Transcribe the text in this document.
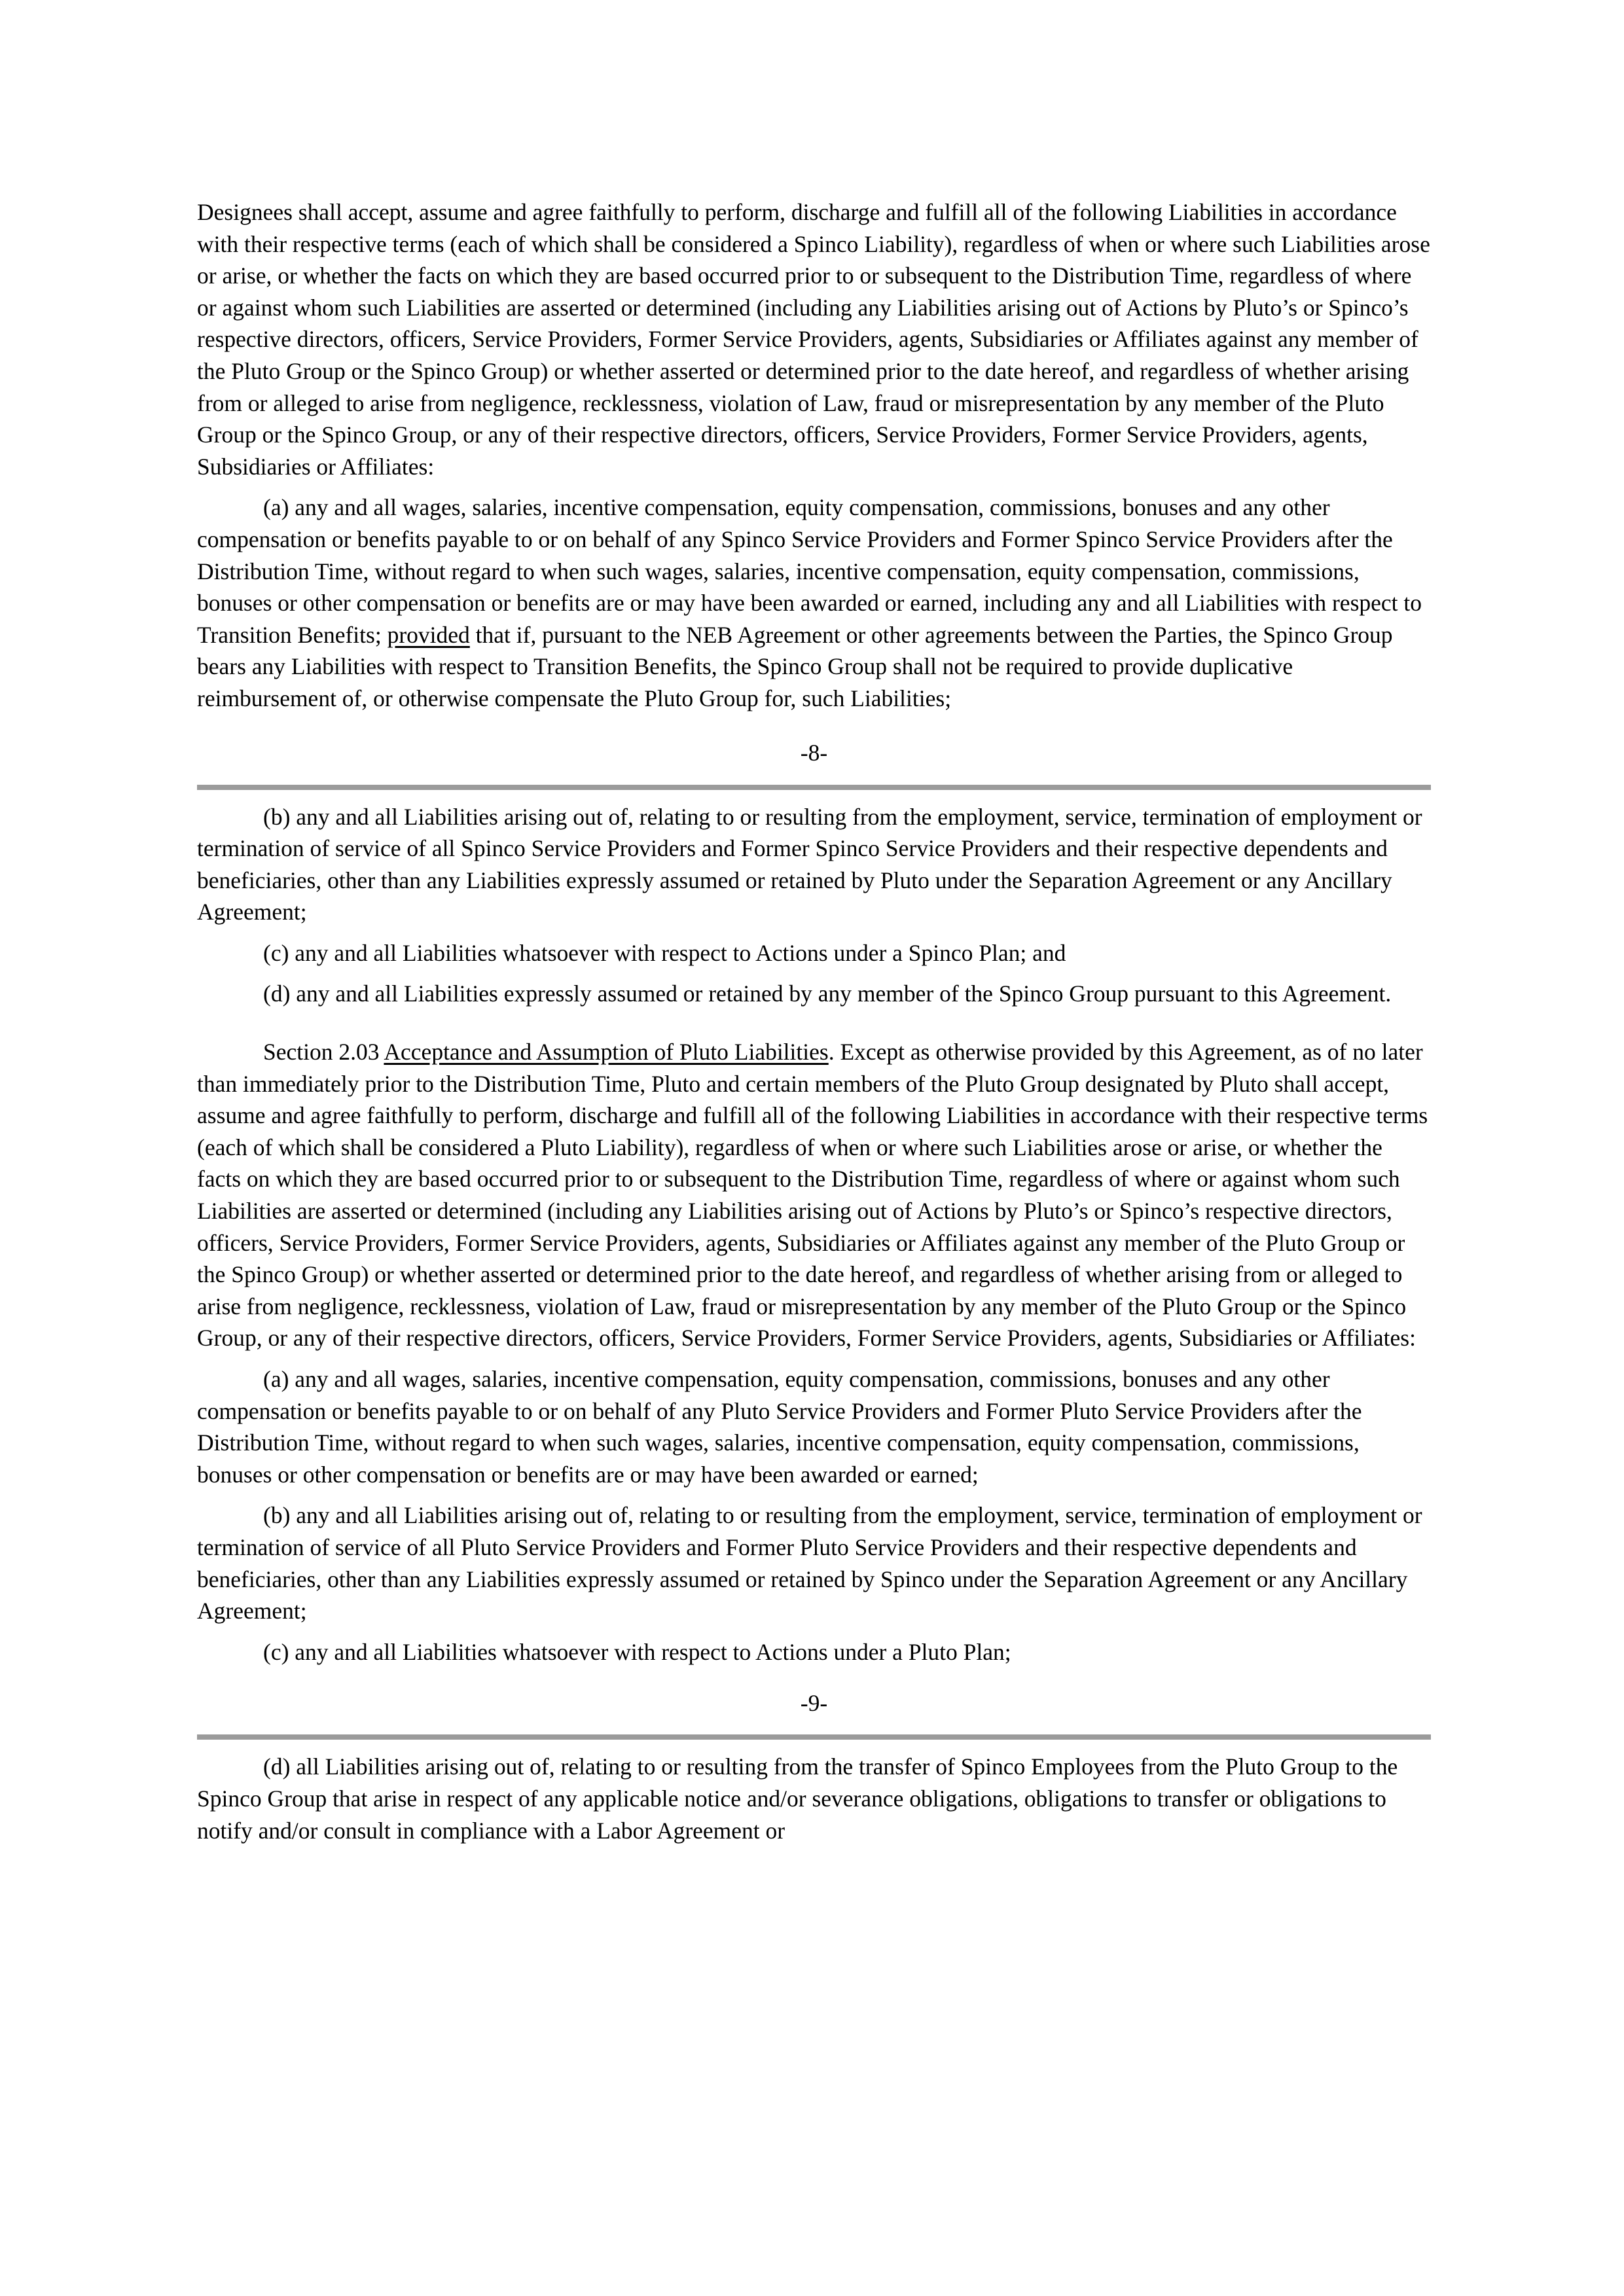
Designees shall accept, assume and agree faithfully to perform, discharge and fulfill all of the following Liabilities in accordance with their respective terms (each of which shall be considered a Spinco Liability), regardless of when or where such Liabilities arose or arise, or whether the facts on which they are based occurred prior to or subsequent to the Distribution Time, regardless of where or against whom such Liabilities are asserted or determined (including any Liabilities arising out of Actions by Pluto’s or Spinco’s respective directors, officers, Service Providers, Former Service Providers, agents, Subsidiaries or Affiliates against any member of the Pluto Group or the Spinco Group) or whether asserted or determined prior to the date hereof, and regardless of whether arising from or alleged to arise from negligence, recklessness, violation of Law, fraud or misrepresentation by any member of the Pluto Group or the Spinco Group, or any of their respective directors, officers, Service Providers, Former Service Providers, agents, Subsidiaries or Affiliates:

(a) any and all wages, salaries, incentive compensation, equity compensation, commissions, bonuses and any other compensation or benefits payable to or on behalf of any Spinco Service Providers and Former Spinco Service Providers after the Distribution Time, without regard to when such wages, salaries, incentive compensation, equity compensation, commissions, bonuses or other compensation or benefits are or may have been awarded or earned, including any and all Liabilities with respect to Transition Benefits; provided that if, pursuant to the NEB Agreement or other agreements between the Parties, the Spinco Group bears any Liabilities with respect to Transition Benefits, the Spinco Group shall not be required to provide duplicative reimbursement of, or otherwise compensate the Pluto Group for, such Liabilities;

-8-

(b) any and all Liabilities arising out of, relating to or resulting from the employment, service, termination of employment or termination of service of all Spinco Service Providers and Former Spinco Service Providers and their respective dependents and beneficiaries, other than any Liabilities expressly assumed or retained by Pluto under the Separation Agreement or any Ancillary Agreement;

(c) any and all Liabilities whatsoever with respect to Actions under a Spinco Plan; and

(d) any and all Liabilities expressly assumed or retained by any member of the Spinco Group pursuant to this Agreement.

Section 2.03 Acceptance and Assumption of Pluto Liabilities. Except as otherwise provided by this Agreement, as of no later than immediately prior to the Distribution Time, Pluto and certain members of the Pluto Group designated by Pluto shall accept, assume and agree faithfully to perform, discharge and fulfill all of the following Liabilities in accordance with their respective terms (each of which shall be considered a Pluto Liability), regardless of when or where such Liabilities arose or arise, or whether the facts on which they are based occurred prior to or subsequent to the Distribution Time, regardless of where or against whom such Liabilities are asserted or determined (including any Liabilities arising out of Actions by Pluto’s or Spinco’s respective directors, officers, Service Providers, Former Service Providers, agents, Subsidiaries or Affiliates against any member of the Pluto Group or the Spinco Group) or whether asserted or determined prior to the date hereof, and regardless of whether arising from or alleged to arise from negligence, recklessness, violation of Law, fraud or misrepresentation by any member of the Pluto Group or the Spinco Group, or any of their respective directors, officers, Service Providers, Former Service Providers, agents, Subsidiaries or Affiliates:

(a) any and all wages, salaries, incentive compensation, equity compensation, commissions, bonuses and any other compensation or benefits payable to or on behalf of any Pluto Service Providers and Former Pluto Service Providers after the Distribution Time, without regard to when such wages, salaries, incentive compensation, equity compensation, commissions, bonuses or other compensation or benefits are or may have been awarded or earned;

(b) any and all Liabilities arising out of, relating to or resulting from the employment, service, termination of employment or termination of service of all Pluto Service Providers and Former Pluto Service Providers and their respective dependents and beneficiaries, other than any Liabilities expressly assumed or retained by Spinco under the Separation Agreement or any Ancillary Agreement;

(c) any and all Liabilities whatsoever with respect to Actions under a Pluto Plan;

-9-

(d) all Liabilities arising out of, relating to or resulting from the transfer of Spinco Employees from the Pluto Group to the Spinco Group that arise in respect of any applicable notice and/or severance obligations, obligations to transfer or obligations to notify and/or consult in compliance with a Labor Agreement or
